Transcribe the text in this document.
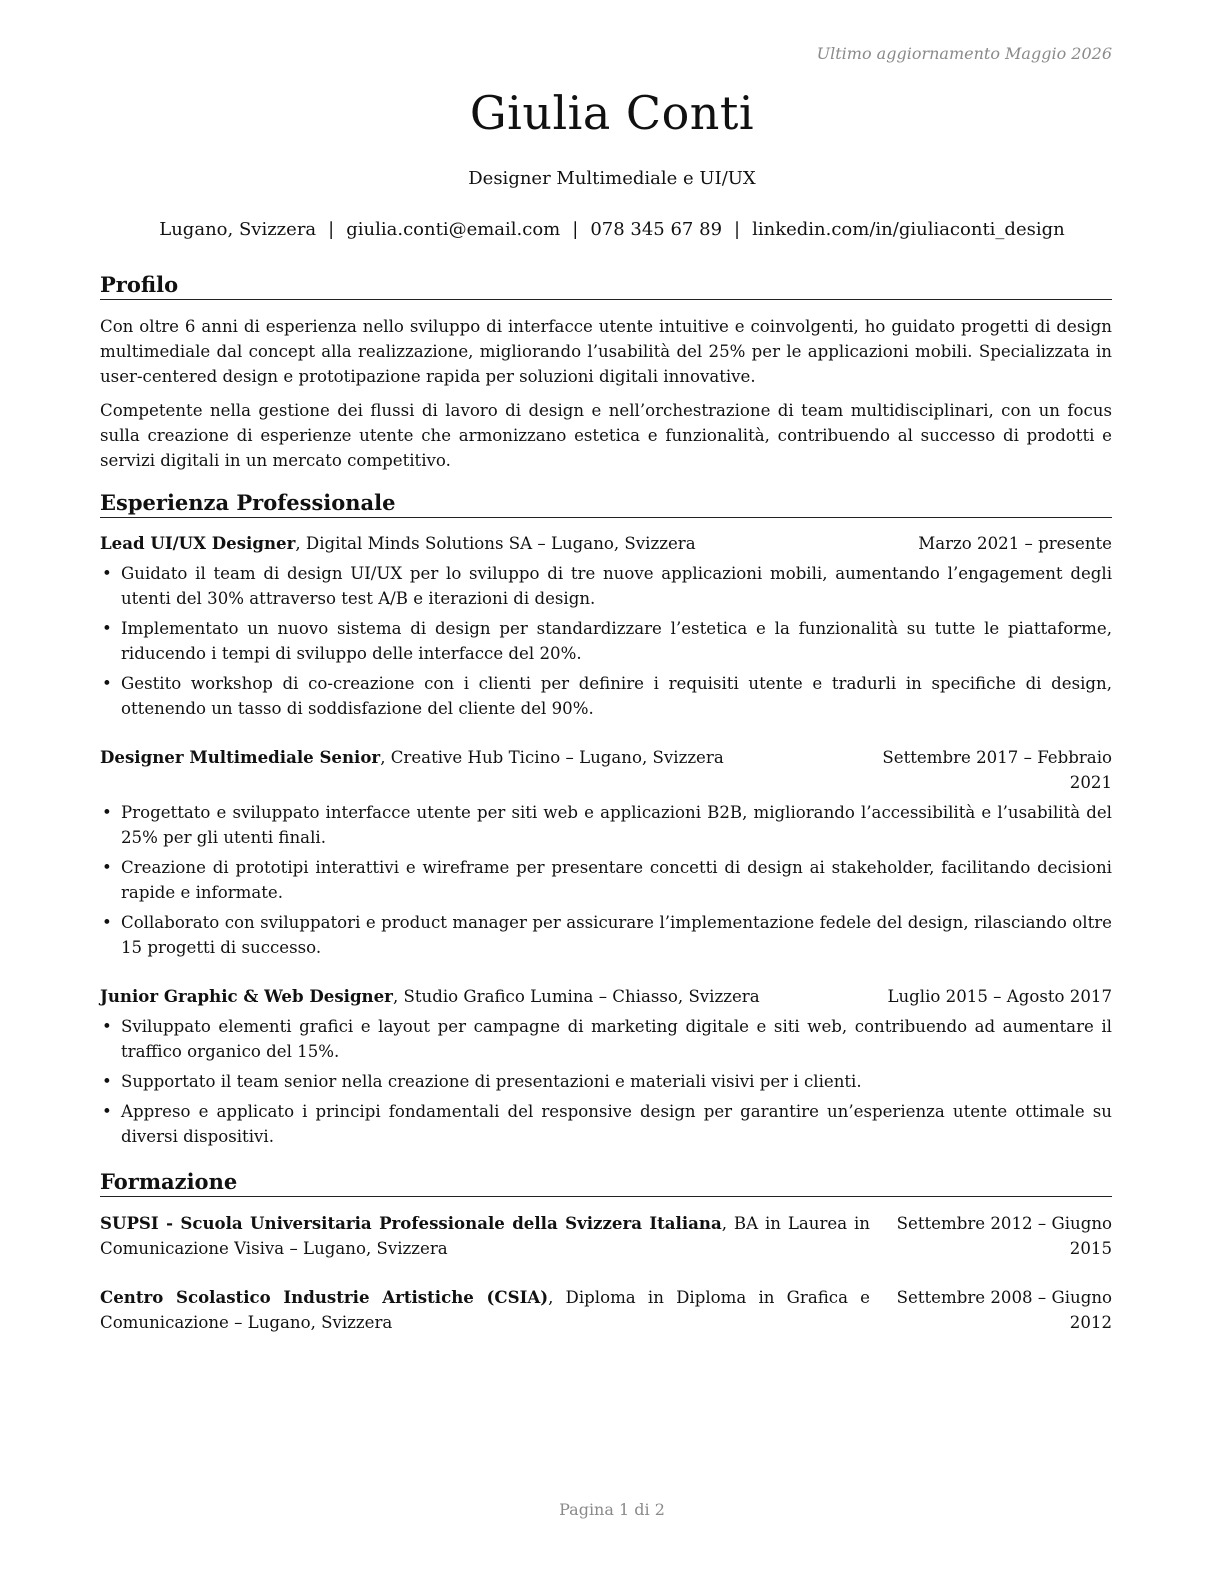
Ultimo aggiornamento Maggio 2026
Giulia Conti
Designer Multimediale e UI/UX
Lugano, Svizzera | giulia.conti@email.com | 078 345 67 89 | linkedin.com/in/giuliaconti_design
Profilo

Con oltre 6 anni di esperienza nello sviluppo di interfacce utente intuitive e coinvolgenti, ho guidato progetti di design multimediale dal concept alla realizzazione, migliorando l’usabilità del 25% per le applicazioni mobili. Specializzata in user-centered design e prototipazione rapida per soluzioni digitali innovative.

Competente nella gestione dei flussi di lavoro di design e nell’orchestrazione di team multidisciplinari, con un focus sulla creazione di esperienze utente che armonizzano estetica e funzionalità, contribuendo al successo di prodotti e servizi digitali in un mercato competitivo.

Esperienza Professionale
Lead UI/UX Designer, Digital Minds Solutions SA – Lugano, Svizzera	Marzo 2021 – presente
• Guidato il team di design UI/UX per lo sviluppo di tre nuove applicazioni mobili, aumentando l’engagement degli utenti del 30% attraverso test A/B e iterazioni di design.
• Implementato un nuovo sistema di design per standardizzare l’estetica e la funzionalità su tutte le piattaforme, riducendo i tempi di sviluppo delle interfacce del 20%.
• Gestito workshop di co-creazione con i clienti per definire i requisiti utente e tradurli in specifiche di design, ottenendo un tasso di soddisfazione del cliente del 90%.
Designer Multimediale Senior, Creative Hub Ticino – Lugano, Svizzera	Settembre 2017 – Febbraio 2021
• Progettato e sviluppato interfacce utente per siti web e applicazioni B2B, migliorando l’accessibilità e l’usabilità del 25% per gli utenti finali.
• Creazione di prototipi interattivi e wireframe per presentare concetti di design ai stakeholder, facilitando decisioni rapide e informate.
• Collaborato con sviluppatori e product manager per assicurare l’implementazione fedele del design, rilasciando oltre 15 progetti di successo.
Junior Graphic & Web Designer, Studio Grafico Lumina – Chiasso, Svizzera	Luglio 2015 – Agosto 2017
• Sviluppato elementi grafici e layout per campagne di marketing digitale e siti web, contribuendo ad aumentare il traffico organico del 15%.
• Supportato il team senior nella creazione di presentazioni e materiali visivi per i clienti.
• Appreso e applicato i principi fondamentali del responsive design per garantire un’esperienza utente ottimale su diversi dispositivi.
Formazione
SUPSI - Scuola Universitaria Professionale della Svizzera Italiana, BA in Laurea in Comunicazione Visiva – Lugano, Svizzera
Settembre 2012 – Giugno 2015
Centro Scolastico Industrie Artistiche (CSIA), Diploma in Diploma in Grafica e Comunicazione – Lugano, Svizzera
Settembre 2008 – Giugno 2012
Pagina 1 di 2
